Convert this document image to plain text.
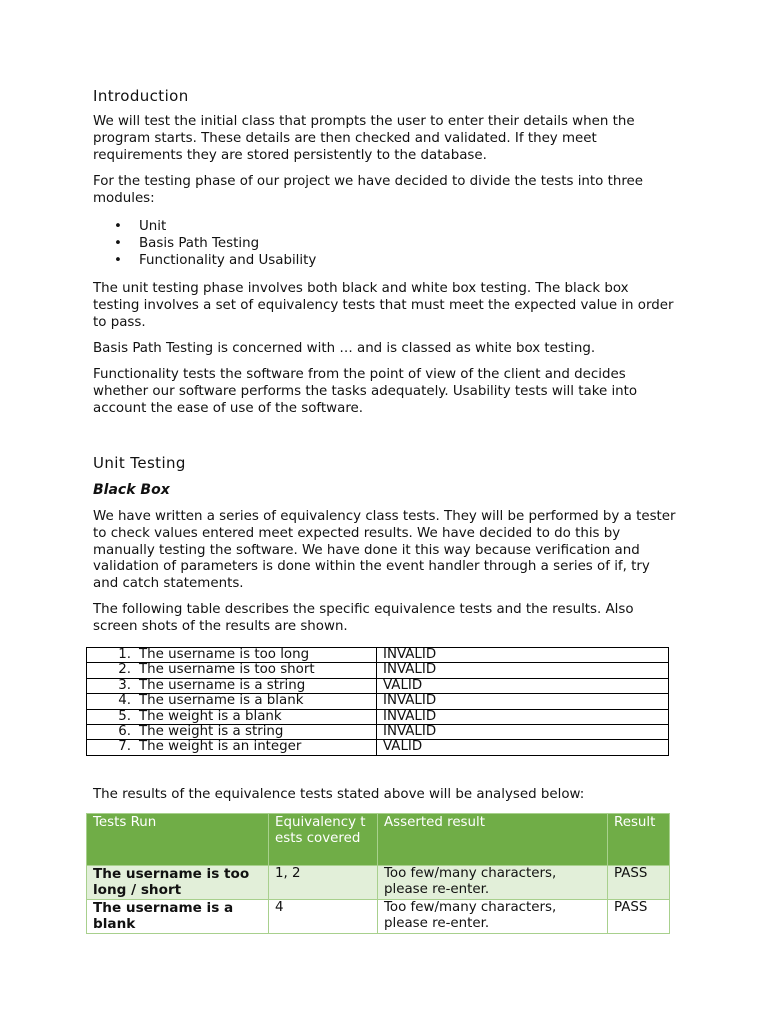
Introduction

We will test the initial class that prompts the user to enter their details when the program starts. These details are then checked and validated. If they meet requirements they are stored persistently to the database.

For the testing phase of our project we have decided to divide the tests into three modules:

• Unit
• Basis Path Testing
• Functionality and Usability

The unit testing phase involves both black and white box testing. The black box testing involves a set of equivalency tests that must meet the expected value in order to pass.

Basis Path Testing is concerned with … and is classed as white box testing.

Functionality tests the software from the point of view of the client and decides whether our software performs the tasks adequately. Usability tests will take into account the ease of use of the software.

Unit Testing
Black Box

We have written a series of equivalency class tests. They will be performed by a tester to check values entered meet expected results. We have decided to do this by manually testing the software. We have done it this way because verification and validation of parameters is done within the event handler through a series of if, try and catch statements.

The following table describes the specific equivalence tests and the results. Also screen shots of the results are shown.

1. The username is too long	INVALID
2. The username is too short	INVALID
3. The username is a string	VALID
4. The username is a blank	INVALID
5. The weight is a blank	INVALID
6. The weight is a string	INVALID
7. The weight is an integer	VALID

The results of the equivalence tests stated above will be analysed below:

Tests Run	Equivalency tests covered	Asserted result	Result
The username is too long / short	1, 2	Too few/many characters, please re-enter.	PASS
The username is a blank	4	Too few/many characters, please re-enter.	PASS
